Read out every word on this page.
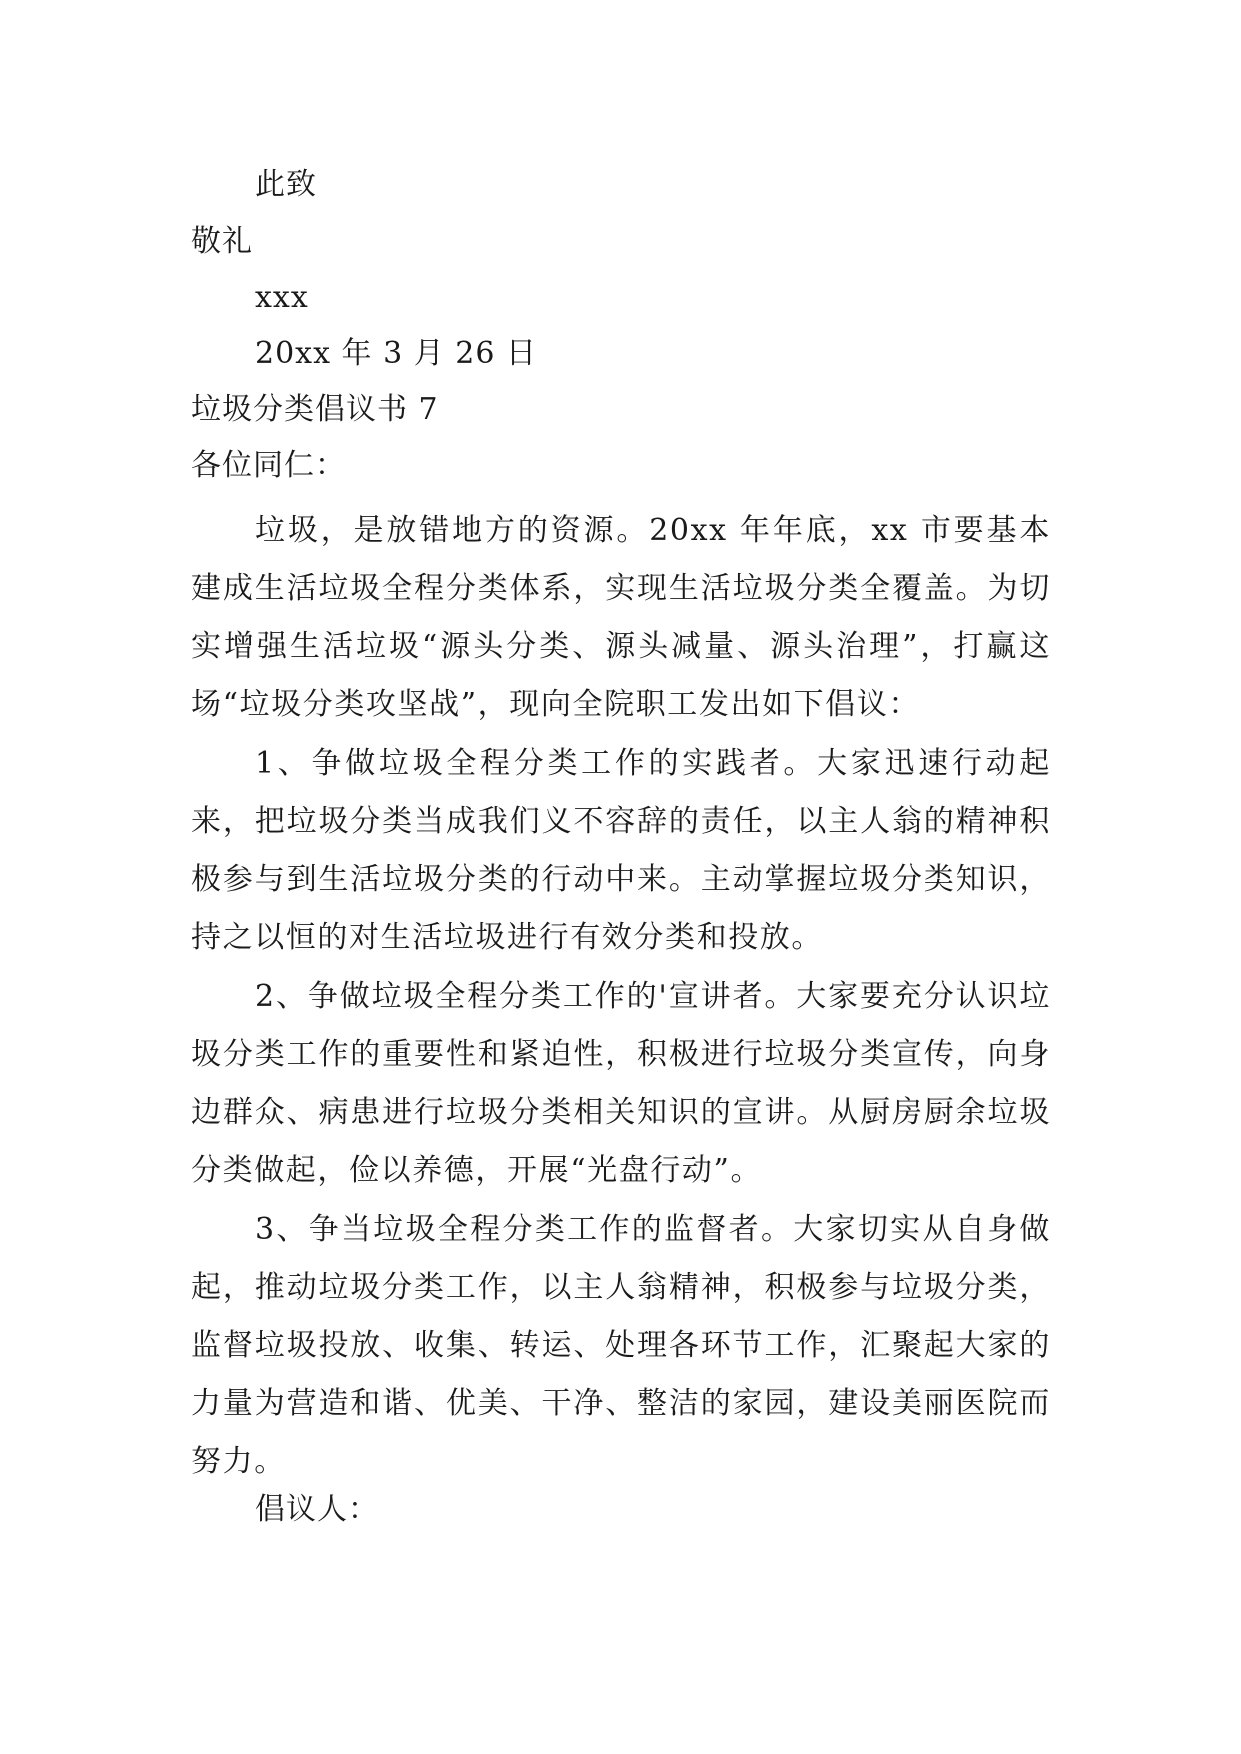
此致
敬礼
xxx
20xx 年 3 月 26 日
垃圾分类倡议书 7
各位同仁：

垃圾，是放错地方的资源。20xx 年年底，xx 市要基本建成生活垃圾全程分类体系，实现生活垃圾分类全覆盖。为切实增强生活垃圾“源头分类、源头减量、源头治理”，打赢这场“垃圾分类攻坚战”，现向全院职工发出如下倡议：

1、争做垃圾全程分类工作的实践者。大家迅速行动起来，把垃圾分类当成我们义不容辞的责任，以主人翁的精神积极参与到生活垃圾分类的行动中来。主动掌握垃圾分类知识，持之以恒的对生活垃圾进行有效分类和投放。

2、争做垃圾全程分类工作的'宣讲者。大家要充分认识垃圾分类工作的重要性和紧迫性，积极进行垃圾分类宣传，向身边群众、病患进行垃圾分类相关知识的宣讲。从厨房厨余垃圾分类做起，俭以养德，开展“光盘行动”。

3、争当垃圾全程分类工作的监督者。大家切实从自身做起，推动垃圾分类工作，以主人翁精神，积极参与垃圾分类，监督垃圾投放、收集、转运、处理各环节工作，汇聚起大家的力量为营造和谐、优美、干净、整洁的家园，建设美丽医院而努力。

倡议人：
